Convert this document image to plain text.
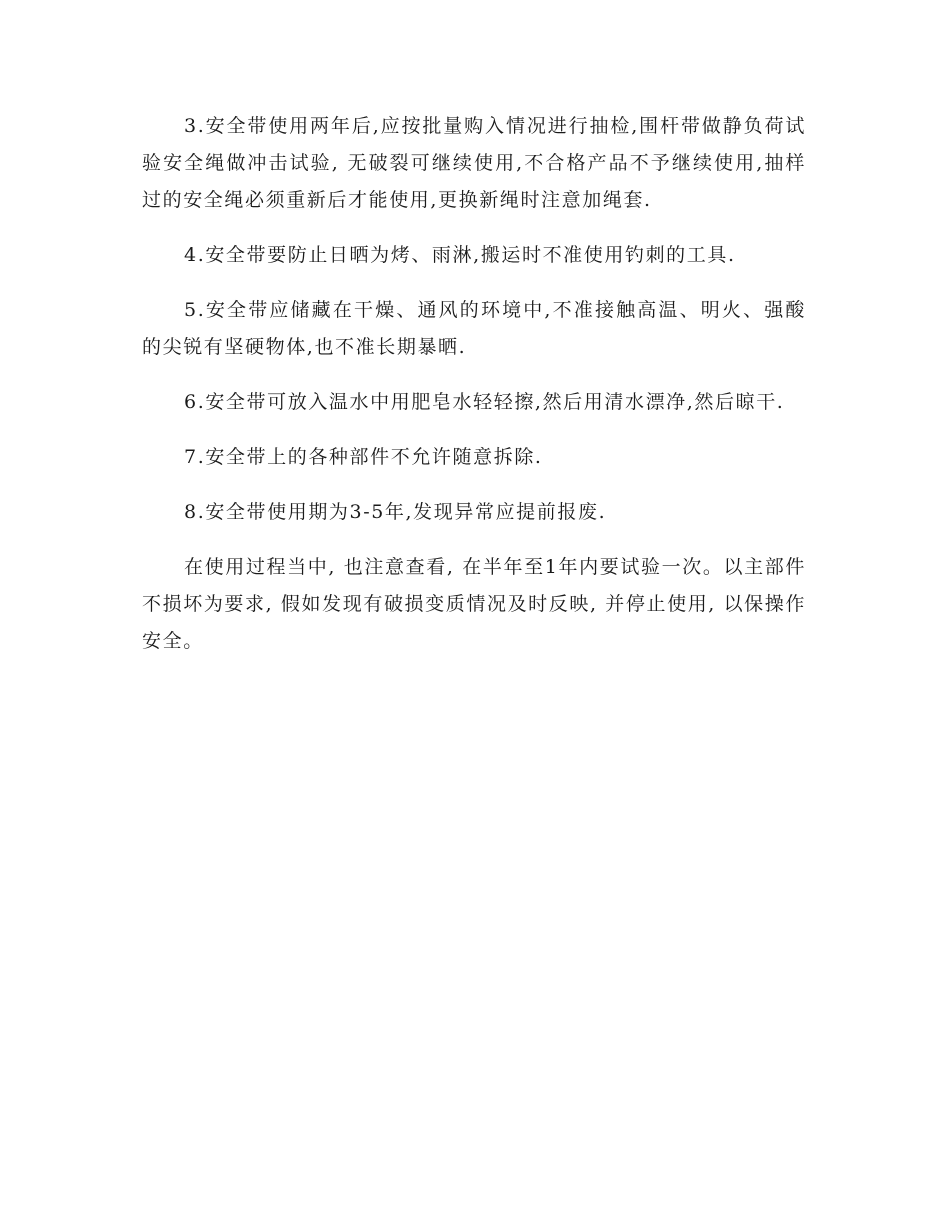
3.安全带使用两年后,应按批量购入情况进行抽检,围杆带做静负荷试验安全绳做冲击试验, 无破裂可继续使用,不合格产品不予继续使用,抽样过的安全绳必须重新后才能使用,更换新绳时注意加绳套.

4.安全带要防止日晒为烤、雨淋,搬运时不准使用钓刺的工具.

5.安全带应储藏在干燥、通风的环境中,不准接触高温、明火、强酸的尖锐有坚硬物体,也不准长期暴晒.

6.安全带可放入温水中用肥皂水轻轻擦,然后用清水漂净,然后晾干.

7.安全带上的各种部件不允许随意拆除.

8.安全带使用期为3-5年,发现异常应提前报废.

在使用过程当中, 也注意查看, 在半年至1年内要试验一次。以主部件不损坏为要求, 假如发现有破损变质情况及时反映, 并停止使用, 以保操作安全。
